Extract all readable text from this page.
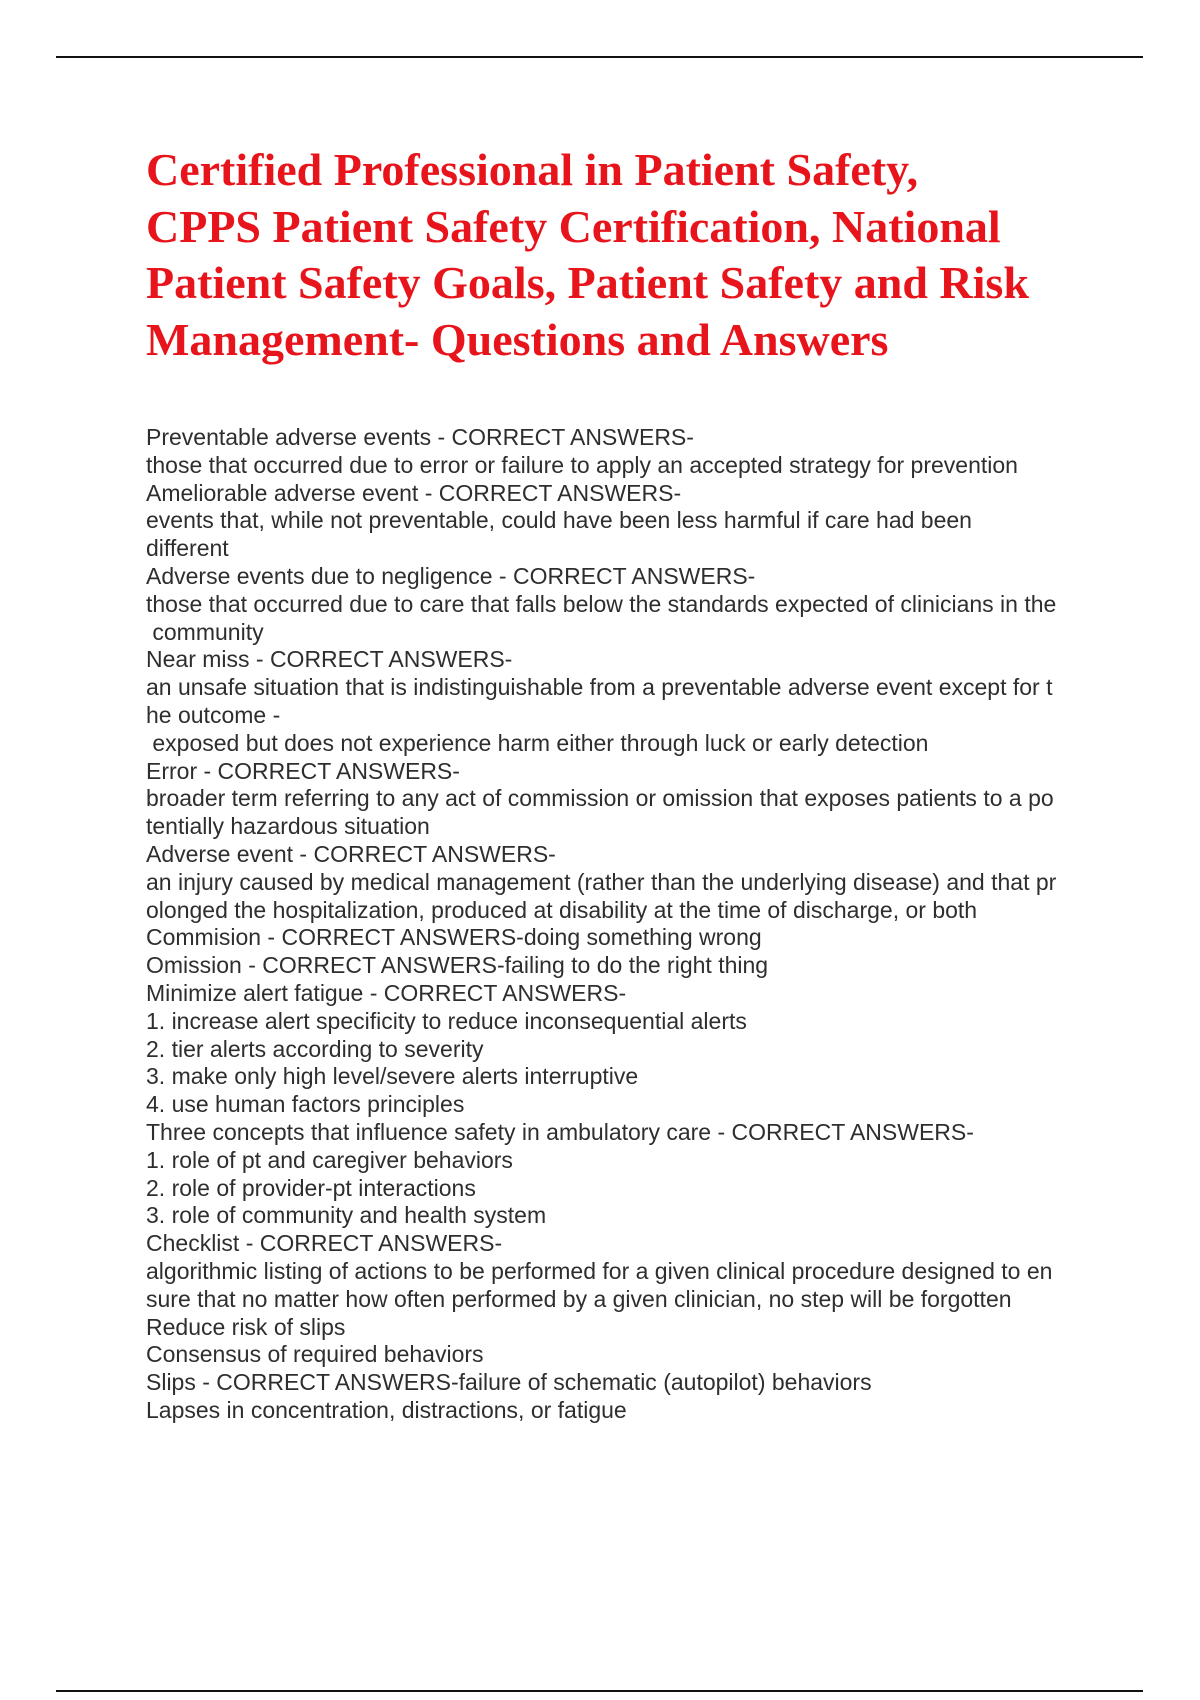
Certified Professional in Patient Safety,
CPPS Patient Safety Certification, National
Patient Safety Goals, Patient Safety and Risk
Management- Questions and Answers
Preventable adverse events - CORRECT ANSWERS-
those that occurred due to error or failure to apply an accepted strategy for prevention
Ameliorable adverse event - CORRECT ANSWERS-
events that, while not preventable, could have been less harmful if care had been
different
Adverse events due to negligence - CORRECT ANSWERS-
those that occurred due to care that falls below the standards expected of clinicians in the
community
Near miss - CORRECT ANSWERS-
an unsafe situation that is indistinguishable from a preventable adverse event except for t
he outcome -
exposed but does not experience harm either through luck or early detection
Error - CORRECT ANSWERS-
broader term referring to any act of commission or omission that exposes patients to a po
tentially hazardous situation
Adverse event - CORRECT ANSWERS-
an injury caused by medical management (rather than the underlying disease) and that pr
olonged the hospitalization, produced at disability at the time of discharge, or both
Commision - CORRECT ANSWERS-doing something wrong
Omission - CORRECT ANSWERS-failing to do the right thing
Minimize alert fatigue - CORRECT ANSWERS-
1. increase alert specificity to reduce inconsequential alerts
2. tier alerts according to severity
3. make only high level/severe alerts interruptive
4. use human factors principles
Three concepts that influence safety in ambulatory care - CORRECT ANSWERS-
1. role of pt and caregiver behaviors
2. role of provider-pt interactions
3. role of community and health system
Checklist - CORRECT ANSWERS-
algorithmic listing of actions to be performed for a given clinical procedure designed to en
sure that no matter how often performed by a given clinician, no step will be forgotten
Reduce risk of slips
Consensus of required behaviors
Slips - CORRECT ANSWERS-failure of schematic (autopilot) behaviors
Lapses in concentration, distractions, or fatigue
